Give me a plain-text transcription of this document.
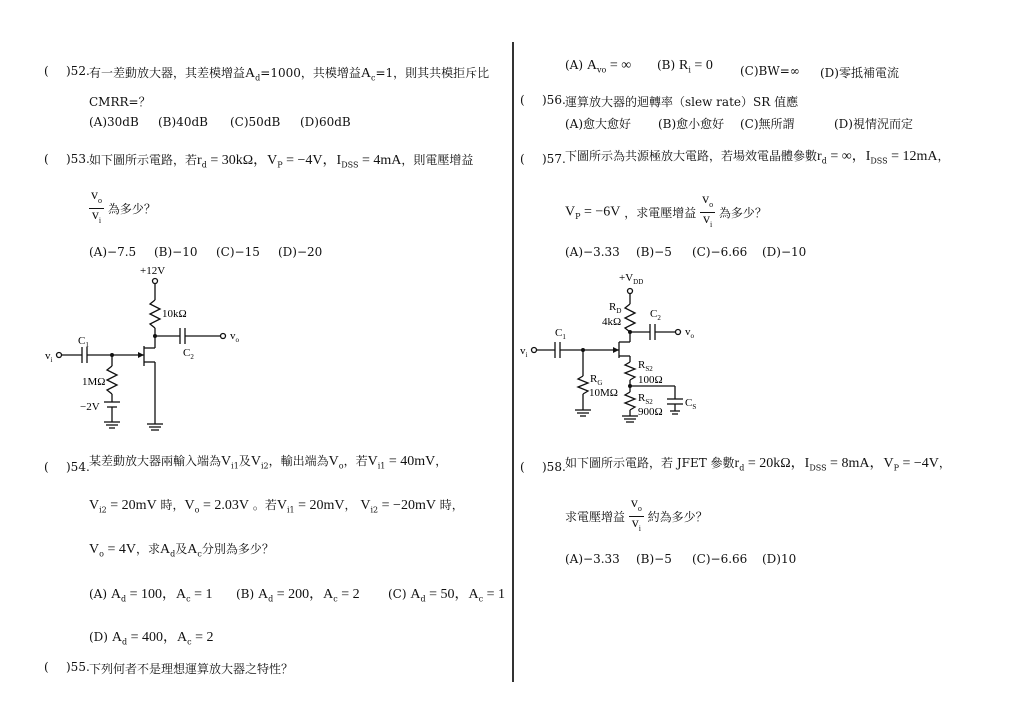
( )52. 有一差動放大器，其差模增益$A_d=1000$，共模增益$A_c=1$，則其共模拒斥比
CMRR=？
(A)30dB (B)40dB (C)50dB (D)60dB
( )53. 如下圖所示電路，若$r_d = 30k\Omega$，$V_P = -4V$，$I_{DSS} = 4mA$，則電壓增益
$\frac{v_o}{v_i}$ 為多少？
(A)−7.5 (B)−10 (C)−15 (D)−20
+12V
10kΩ
$C_1$
$C_2$
$v_i$
$v_o$
1MΩ
−2V
( )54. 某差動放大器兩輸入端為$V_{i1}$及$V_{i2}$，輸出端為$V_o$，若$V_{i1} = 40mV$，
$V_{i2} = 20mV$ 時，$V_o = 2.03V$ 。若$V_{i1} = 20mV$， $V_{i2} = -20mV$ 時，
$V_o = 4V$，求$A_d$及$A_c$分別為多少？
(A) $A_d = 100$，$A_c = 1$ (B) $A_d = 200$，$A_c = 2$ (C) $A_d = 50$，$A_c = 1$
(D) $A_d = 400$，$A_c = 2$
( )55. 下列何者不是理想運算放大器之特性？
(A) $A_{vo}$ = ∞ (B) $R_i = 0$ (C)BW=∞ (D)零抵補電流
( )56. 運算放大器的迴轉率（slew rate）SR 值應
(A)愈大愈好 (B)愈小愈好 (C)無所謂	(D)視情況而定
( )57. 下圖所示為共源極放大電路，若場效電晶體參數$r_d$ = ∞，$I_{DSS} = 12mA$，
$V_P = -6V$ ，求電壓增益 $\frac{v_o}{v_i}$ 為多少？
(A)−3.33 (B)−5 (C)−6.66 (D)−10
$+V_{DD}$
$R_D$
4kΩ
$C_2$
$C_1$
$v_i$
$v_o$
$R_G$
10MΩ
$R_{S2}$
100Ω
$R_{S2}$
900Ω
$C_S$
( )58. 如下圖所示電路，若 JFET 參數$r_d = 20k\Omega$，$I_{DSS} = 8mA$，$V_P = -4V$，
求電壓增益 $\frac{v_o}{v_i}$ 約為多少？
(A)−3.33 (B)−5 (C)−6.66 (D)10
